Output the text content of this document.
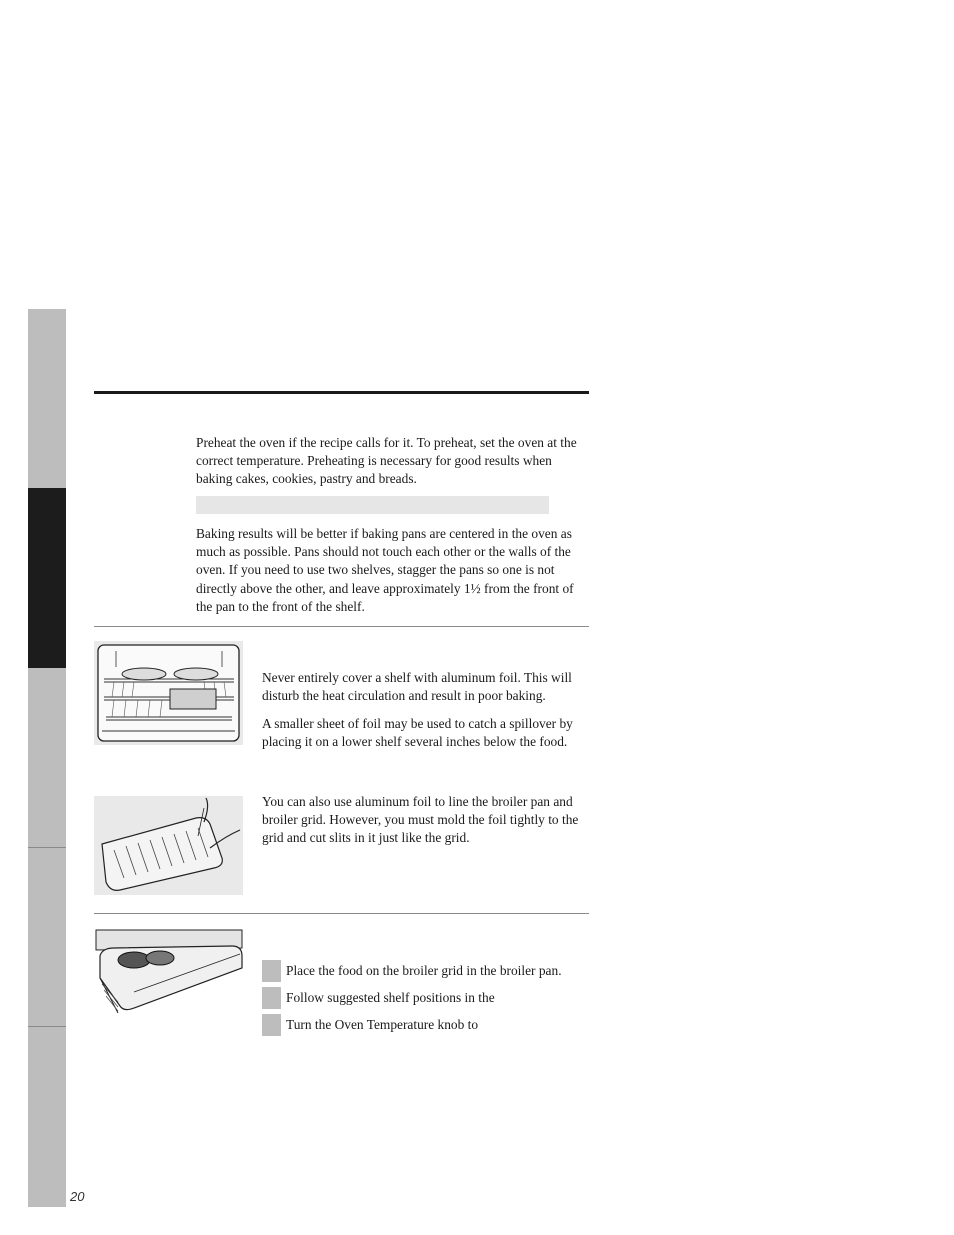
Preheat the oven if the recipe calls for it. To preheat, set the oven at the correct temperature. Preheating is necessary for good results when baking cakes, cookies, pastry and breads.

Baking results will be better if baking pans are centered in the oven as much as possible. Pans should not touch each other or the walls of the oven. If you need to use two shelves, stagger the pans so one is not directly above the other, and leave approximately 1½ from the front of the pan to the front of the shelf.

Never entirely cover a shelf with aluminum foil. This will disturb the heat circulation and result in poor baking.

A smaller sheet of foil may be used to catch a spillover by placing it on a lower shelf several inches below the food.

You can also use aluminum foil to line the broiler pan and broiler grid. However, you must mold the foil tightly to the grid and cut slits in it just like the grid.

Place the food on the broiler grid in the broiler pan.
Follow suggested shelf positions in the
Turn the Oven Temperature knob to
20
